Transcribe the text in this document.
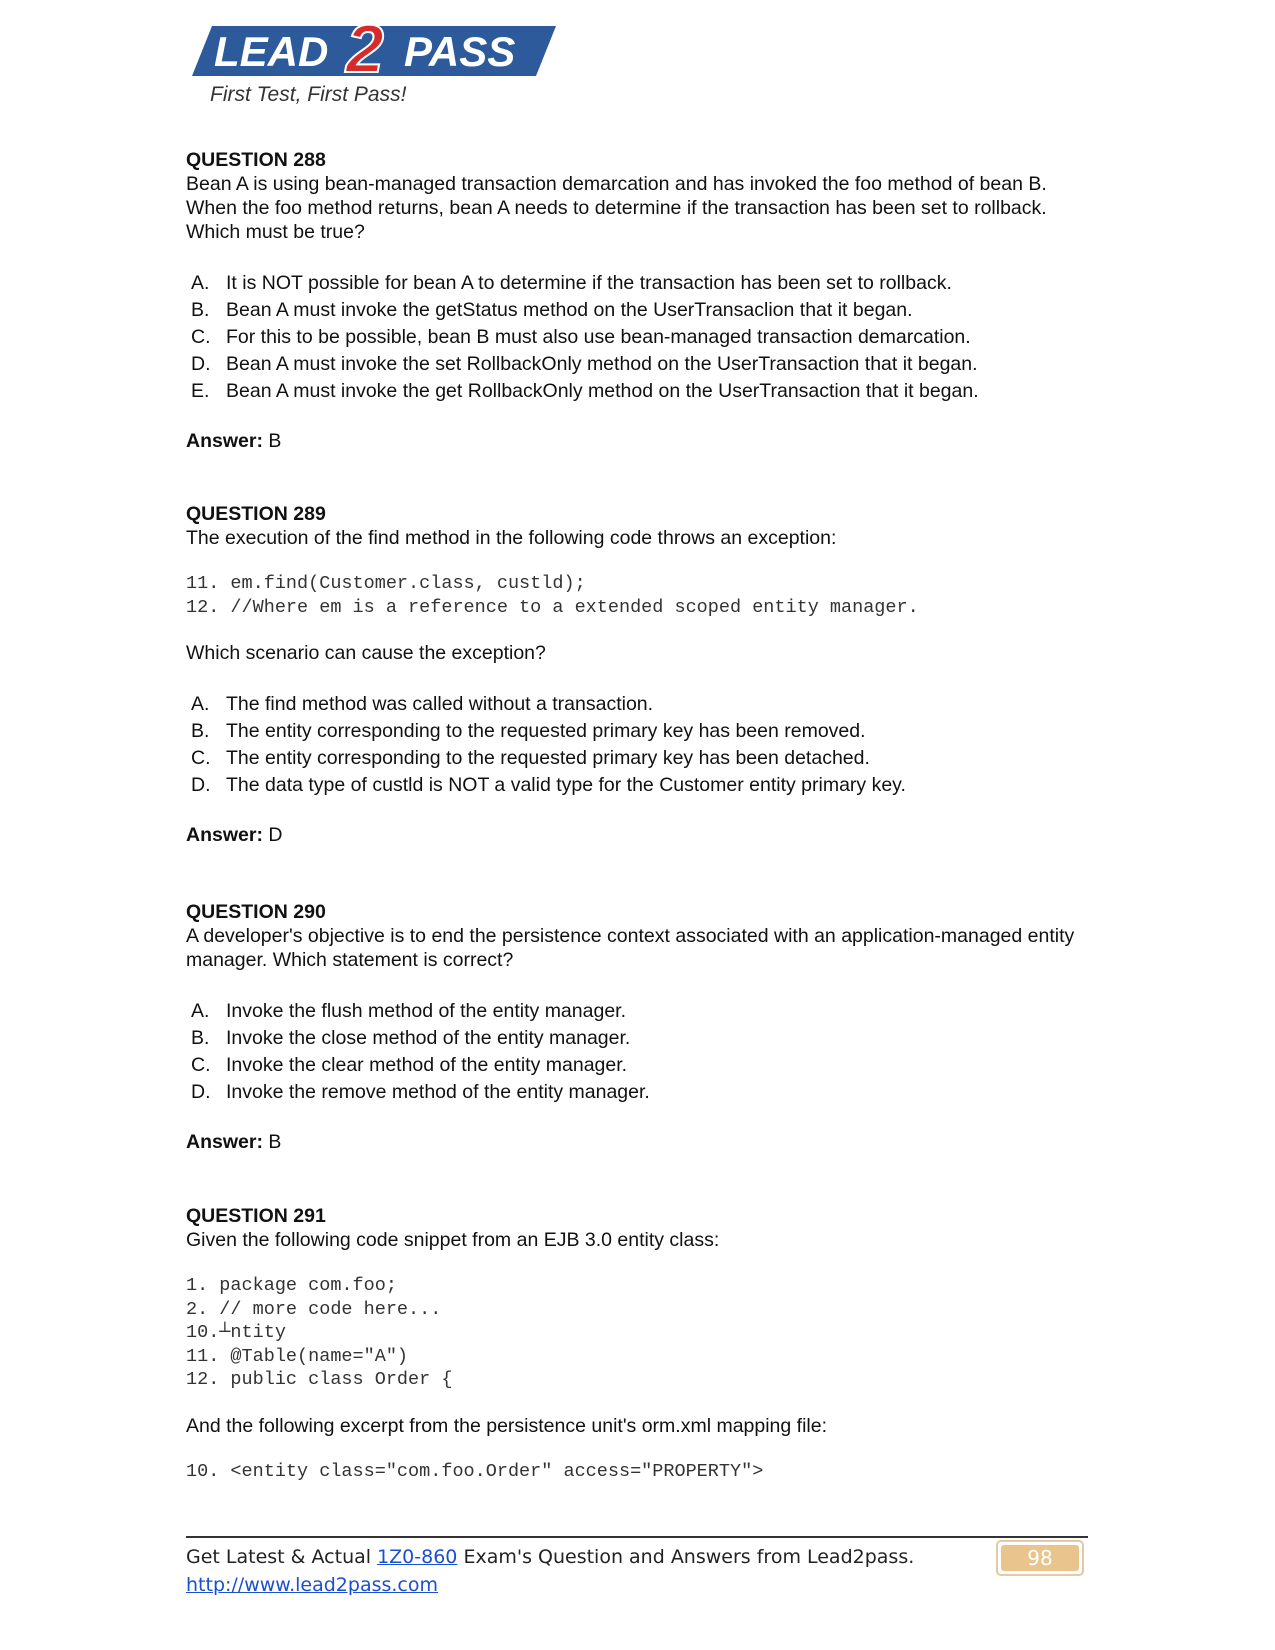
LEAD 2 PASS
First Test, First Pass!

QUESTION 288

Bean A is using bean-managed transaction demarcation and has invoked the foo method of bean B. When the foo method returns, bean A needs to determine if the transaction has been set to rollback. Which must be true?

A. It is NOT possible for bean A to determine if the transaction has been set to rollback.
B. Bean A must invoke the getStatus method on the UserTransaclion that it began.
C. For this to be possible, bean B must also use bean-managed transaction demarcation.
D. Bean A must invoke the set RollbackOnly method on the UserTransaction that it began.
E. Bean A must invoke the get RollbackOnly method on the UserTransaction that it began.

Answer: B

QUESTION 289

The execution of the find method in the following code throws an exception:

11. em.find(Customer.class, custld);
12. //Where em is a reference to a extended scoped entity manager.

Which scenario can cause the exception?

A. The find method was called without a transaction.
B. The entity corresponding to the requested primary key has been removed.
C. The entity corresponding to the requested primary key has been detached.
D. The data type of custld is NOT a valid type for the Customer entity primary key.

Answer: D

QUESTION 290

A developer's objective is to end the persistence context associated with an application-managed entity manager. Which statement is correct?

A. Invoke the flush method of the entity manager.
B. Invoke the close method of the entity manager.
C. Invoke the clear method of the entity manager.
D. Invoke the remove method of the entity manager.

Answer: B

QUESTION 291

Given the following code snippet from an EJB 3.0 entity class:

1. package com.foo;
2. // more code here...
10.┴ntity
11. @Table(name="A")
12. public class Order {

And the following excerpt from the persistence unit's orm.xml mapping file:

10. <entity class="com.foo.Order" access="PROPERTY">
Get Latest & Actual 1Z0-860 Exam's Question and Answers from Lead2pass.
http://www.lead2pass.com
98
